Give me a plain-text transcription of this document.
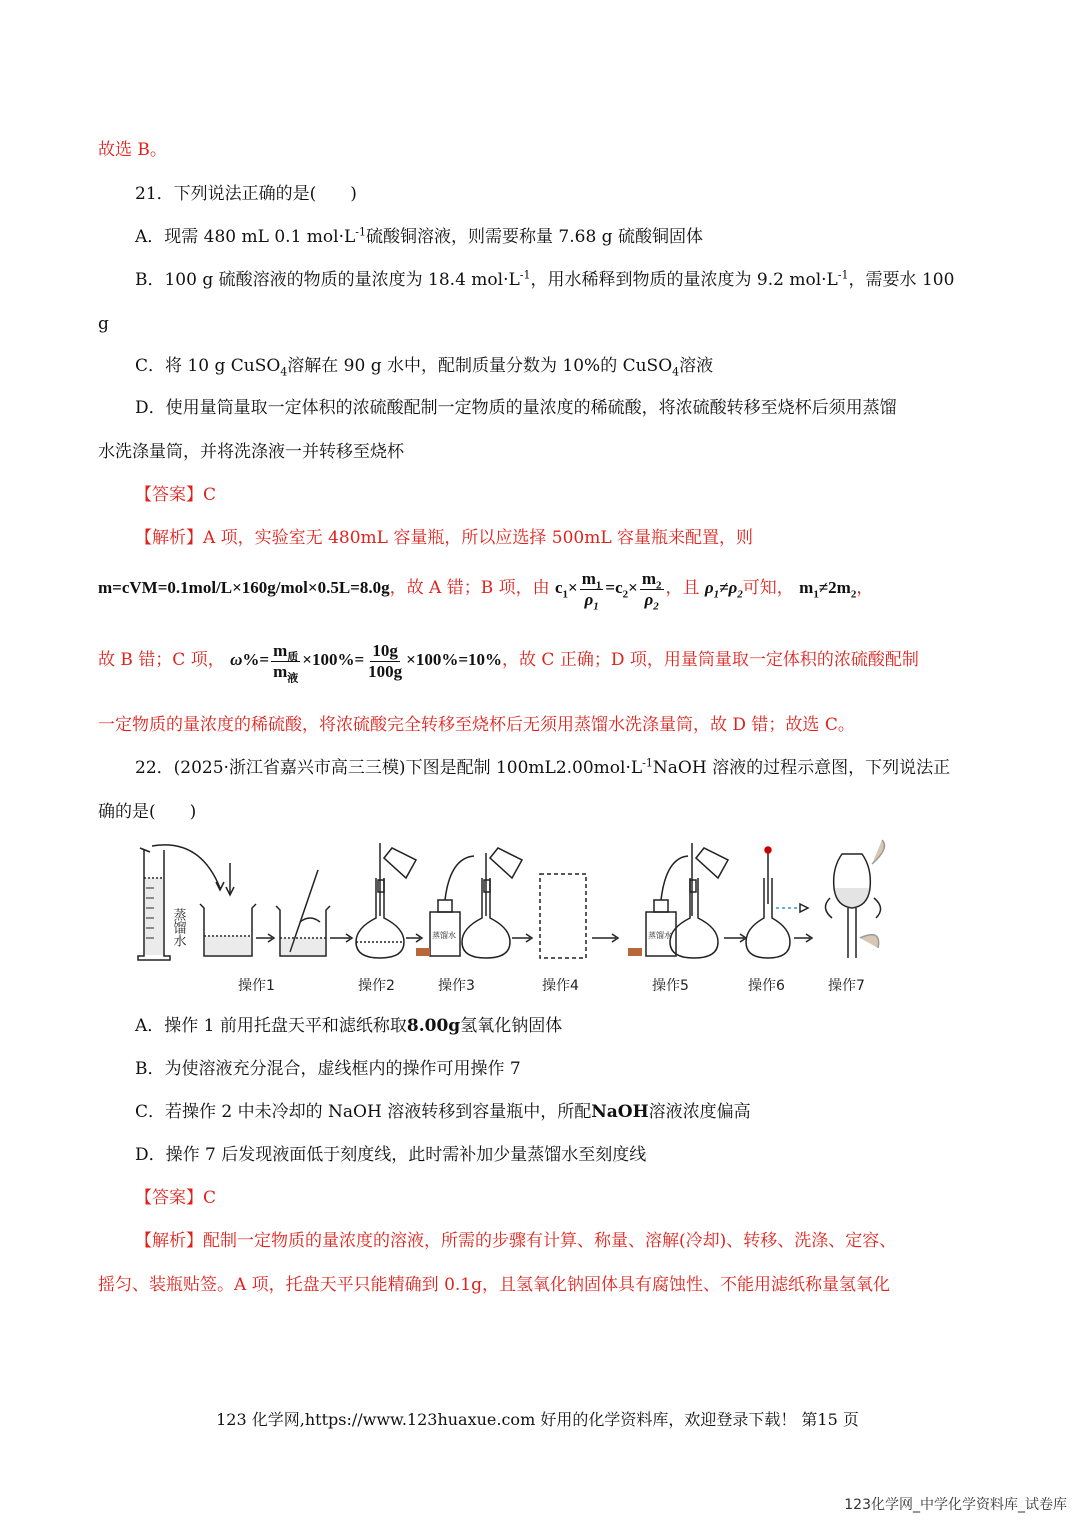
故选 B。
21．下列说法正确的是(　　)
A．现需 480 mL 0.1 $mol\cdot L^{-1}$硫酸铜溶液，则需要称量 7.68 g 硫酸铜固体
B．100 g 硫酸溶液的物质的量浓度为 18.4 $mol\cdot L^{-1}$，用水稀释到物质的量浓度为 9.2 $mol\cdot L^{-1}$，需要水 100
g
C．将 10 g CuSO$_4$溶解在 90 g 水中，配制质量分数为 10%的 CuSO$_4$溶液
D．使用量筒量取一定体积的浓硫酸配制一定物质的量浓度的稀硫酸，将浓硫酸转移至烧杯后须用蒸馏
水洗涤量筒，并将洗涤液一并转移至烧杯
【答案】C
【解析】A 项，实验室无 480mL 容量瓶，所以应选择 500mL 容量瓶来配置，则
m=cVM=0.1mol/L×160g/mol×0.5L=8.0g，故 A 错；B 项，由 $c_1\times \frac{m_1}{\rho_1} =c_2\times \frac{m_2}{\rho_2}$ ，且 $\rho_1\ne\rho_2$可知， $m_1\ne 2m_2$，
故 B 错；C 项， $\omega\%= \frac{m_质}{m_液} \times 100\%= \frac{10g}{100g} \times 100\%=10\%$，故 C 正确；D 项，用量筒量取一定体积的浓硫酸配制
一定物质的量浓度的稀硫酸，将浓硫酸完全转移至烧杯后无须用蒸馏水洗涤量筒，故 D 错；故选 C。
22．(2025·浙江省嘉兴市高三三模)下图是配制 $100mL2.00mol\cdot L^{-1}NaOH$ 溶液的过程示意图，下列说法正
确的是(　　)
蒸馏水	蒸馏水	蒸馏水
操作1	操作2	操作3	操作4	操作5	操作6	操作7
A．操作 1 前用托盘天平和滤纸称取8.00g氢氧化钠固体
B．为使溶液充分混合，虚线框内的操作可用操作 7
C．若操作 2 中未冷却的 NaOH 溶液转移到容量瓶中，所配NaOH溶液浓度偏高
D．操作 7 后发现液面低于刻度线，此时需补加少量蒸馏水至刻度线
【答案】C
【解析】配制一定物质的量浓度的溶液，所需的步骤有计算、称量、溶解(冷却)、转移、洗涤、定容、
摇匀、装瓶贴签。A 项，托盘天平只能精确到 0.1g，且氢氧化钠固体具有腐蚀性、不能用滤纸称量氢氧化
123 化学网,https://www.123huaxue.com 好用的化学资料库，欢迎登录下载！ 第15 页
123化学网_中学化学资料库_试卷库
